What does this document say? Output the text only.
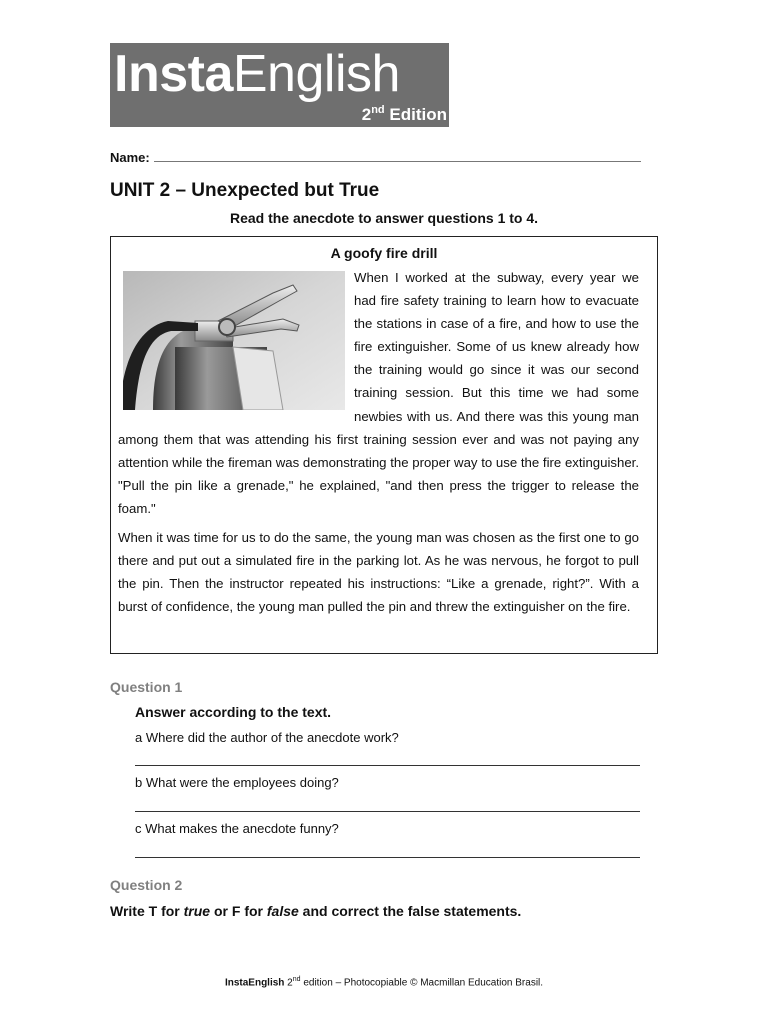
InstaEnglish
2nd Edition
Name:
UNIT 2 – Unexpected but True
Read the anecdote to answer questions 1 to 4.
A goofy fire drill

When I worked at the subway, every year we had fire safety training to learn how to evacuate the stations in case of a fire, and how to use the fire extinguisher. Some of us knew already how the training would go since it was our second training session. But this time we had some newbies with us. And there was this young man among them that was attending his first training session ever and was not paying any attention while the fireman was demonstrating the proper way to use the fire extinguisher. "Pull the pin like a grenade," he explained, "and then press the trigger to release the foam."

When it was time for us to do the same, the young man was chosen as the first one to go there and put out a simulated fire in the parking lot. As he was nervous, he forgot to pull the pin. Then the instructor repeated his instructions: “Like a grenade, right?”. With a burst of confidence, the young man pulled the pin and threw the extinguisher on the fire.

Question 1
Answer according to the text.
a Where did the author of the anecdote work?
b What were the employees doing?
c What makes the anecdote funny?
Question 2
Write T for true or F for false and correct the false statements.
InstaEnglish 2nd edition – Photocopiable © Macmillan Education Brasil.
